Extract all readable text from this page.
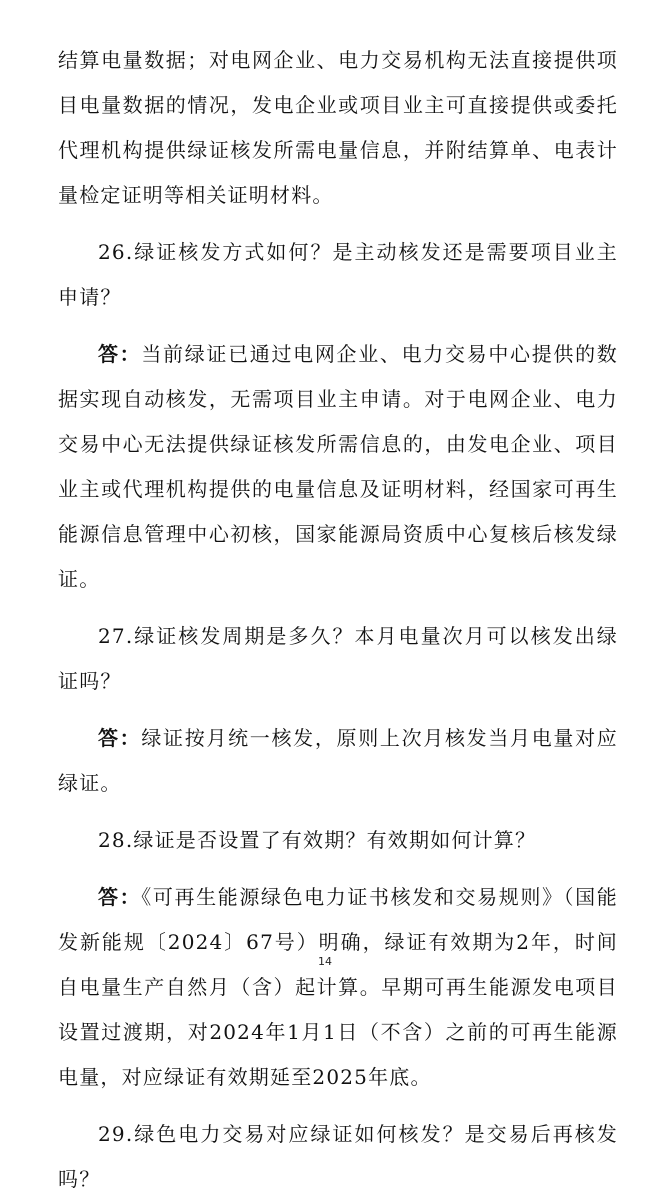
结算电量数据；对电网企业、电力交易机构无法直接提供项目电量数据的情况，发电企业或项目业主可直接提供或委托代理机构提供绿证核发所需电量信息，并附结算单、电表计量检定证明等相关证明材料。

26.绿证核发方式如何？是主动核发还是需要项目业主申请？

答：当前绿证已通过电网企业、电力交易中心提供的数据实现自动核发，无需项目业主申请。对于电网企业、电力交易中心无法提供绿证核发所需信息的，由发电企业、项目业主或代理机构提供的电量信息及证明材料，经国家可再生能源信息管理中心初核，国家能源局资质中心复核后核发绿证。

27.绿证核发周期是多久？本月电量次月可以核发出绿证吗？

答：绿证按月统一核发，原则上次月核发当月电量对应绿证。

28.绿证是否设置了有效期？有效期如何计算？

答：《可再生能源绿色电力证书核发和交易规则》（国能发新能规〔2024〕67号）明确，绿证有效期为2年，时间自电量生产自然月（含）起计算。早期可再生能源发电项目设置过渡期，对2024年1月1日（不含）之前的可再生能源电量，对应绿证有效期延至2025年底。

29.绿色电力交易对应绿证如何核发？是交易后再核发吗？

14
